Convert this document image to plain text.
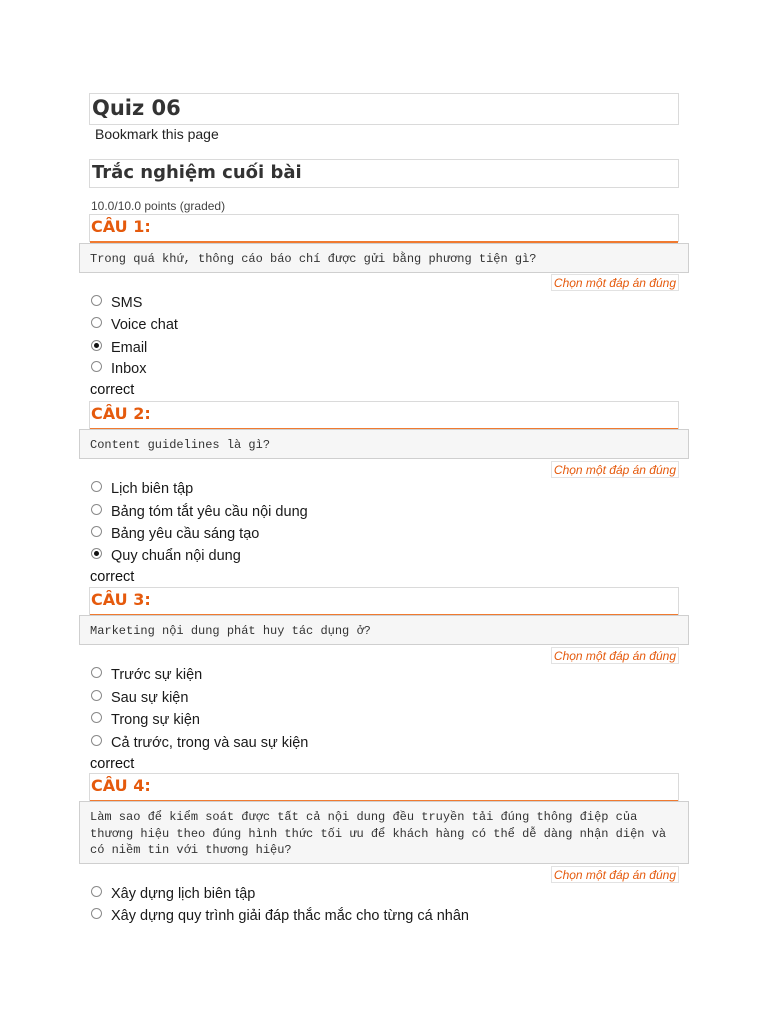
Quiz 06
Bookmark this page
Trắc nghiệm cuối bài
10.0/10.0 points (graded)
CÂU 1:
Trong quá khứ, thông cáo báo chí được gửi bằng phương tiện gì?
Chọn một đáp án đúng
SMS
Voice chat
Email
Inbox
correct
CÂU 2:
Content guidelines là gì?
Chọn một đáp án đúng
Lịch biên tập
Bảng tóm tắt yêu cầu nội dung
Bảng yêu cầu sáng tạo
Quy chuẩn nội dung
correct
CÂU 3:
Marketing nội dung phát huy tác dụng ở?
Chọn một đáp án đúng
Trước sự kiện
Sau sự kiện
Trong sự kiện
Cả trước, trong và sau sự kiện
correct
CÂU 4:
Làm sao để kiểm soát được tất cả nội dung đều truyền tải đúng thông điệp của thương hiệu theo đúng hình thức tối ưu để khách hàng có thể dễ dàng nhận diện và có niềm tin với thương hiệu?
Chọn một đáp án đúng
Xây dựng lịch biên tập
Xây dựng quy trình giải đáp thắc mắc cho từng cá nhân
